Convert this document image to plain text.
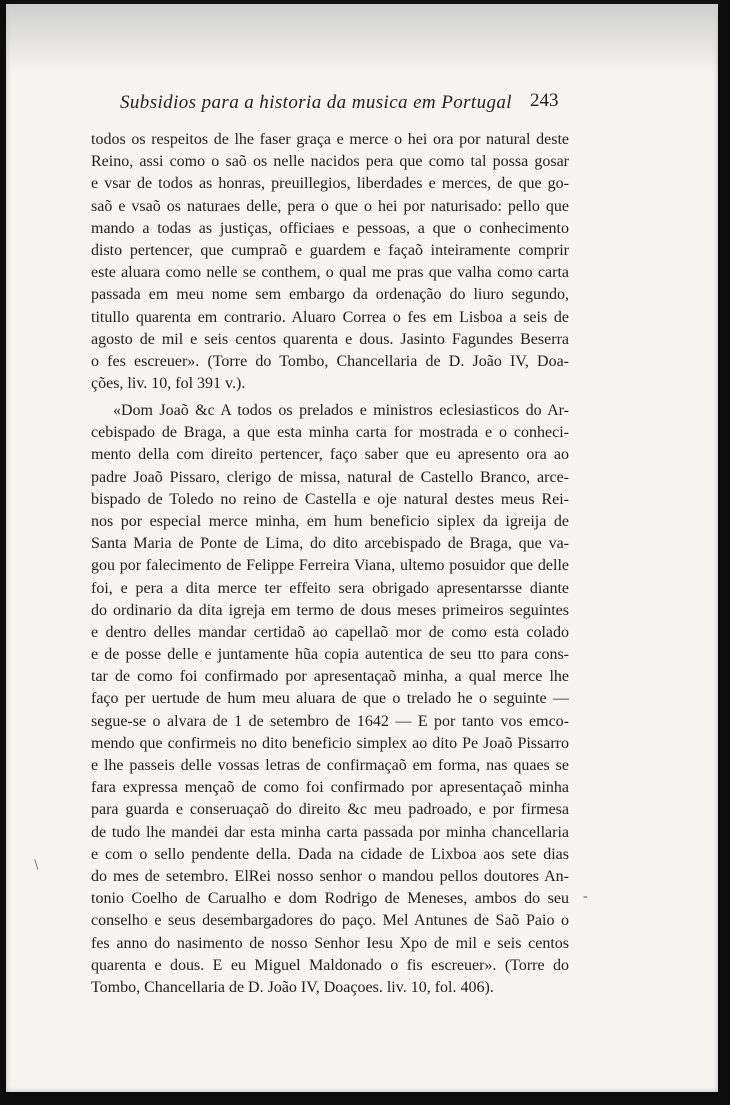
Subsidios para a historia da musica em Portugal 243
todos os respeitos de lhe faser graça e merce o hei ora por natural deste
Reino, assi como o saõ os nelle nacidos pera que como tal possa gosar
e vsar de todos as honras, preuillegios, liberdades e merces, de que go-
saõ e vsaõ os naturaes delle, pera o que o hei por naturisado: pello que
mando a todas as justiças, officiaes e pessoas, a que o conhecimento
disto pertencer, que cumpraõ e guardem e façaõ inteiramente comprir
este aluara como nelle se conthem, o qual me pras que valha como carta
passada em meu nome sem embargo da ordenação do liuro segundo,
titullo quarenta em contrario. Aluaro Correa o fes em Lisboa a seis de
agosto de mil e seis centos quarenta e dous. Jasinto Fagundes Beserra
o fes escreuer». (Torre do Tombo, Chancellaria de D. João IV, Doa-
ções, liv. 10, fol 391 v.).
«Dom Joaõ &c A todos os prelados e ministros eclesiasticos do Ar-
cebispado de Braga, a que esta minha carta for mostrada e o conheci-
mento della com direito pertencer, faço saber que eu apresento ora ao
padre Joaõ Pissaro, clerigo de missa, natural de Castello Branco, arce-
bispado de Toledo no reino de Castella e oje natural destes meus Rei-
nos por especial merce minha, em hum beneficio siplex da igreija de
Santa Maria de Ponte de Lima, do dito arcebispado de Braga, que va-
gou por falecimento de Felippe Ferreira Viana, ultemo posuidor que delle
foi, e pera a dita merce ter effeito sera obrigado apresentarsse diante
do ordinario da dita igreja em termo de dous meses primeiros seguintes
e dentro delles mandar certidaõ ao capellaõ mor de como esta colado
e de posse delle e juntamente hũa copia autentica de seu tto para cons-
tar de como foi confirmado por apresentaçaõ minha, a qual merce lhe
faço per uertude de hum meu aluara de que o trelado he o seguinte —
segue-se o alvara de 1 de setembro de 1642 — E por tanto vos emco-
mendo que confirmeis no dito beneficio simplex ao dito Pe Joaõ Pissarro
e lhe passeis delle vossas letras de confirmaçaõ em forma, nas quaes se
fara expressa mençaõ de como foi confirmado por apresentaçaõ minha
para guarda e conseruaçaõ do direito &c meu padroado, e por firmesa
de tudo lhe mandei dar esta minha carta passada por minha chancellaria
e com o sello pendente della. Dada na cidade de Lixboa aos sete dias
do mes de setembro. ElRei nosso senhor o mandou pellos doutores An-
tonio Coelho de Carualho e dom Rodrigo de Meneses, ambos do seu
conselho e seus desembargadores do paço. Mel Antunes de Saõ Paio o
fes anno do nasimento de nosso Senhor Iesu Xpo de mil e seis centos
quarenta e dous. E eu Miguel Maldonado o fis escreuer». (Torre do
Tombo, Chancellaria de D. João IV, Doaçoes. liv. 10, fol. 406).
/
-
